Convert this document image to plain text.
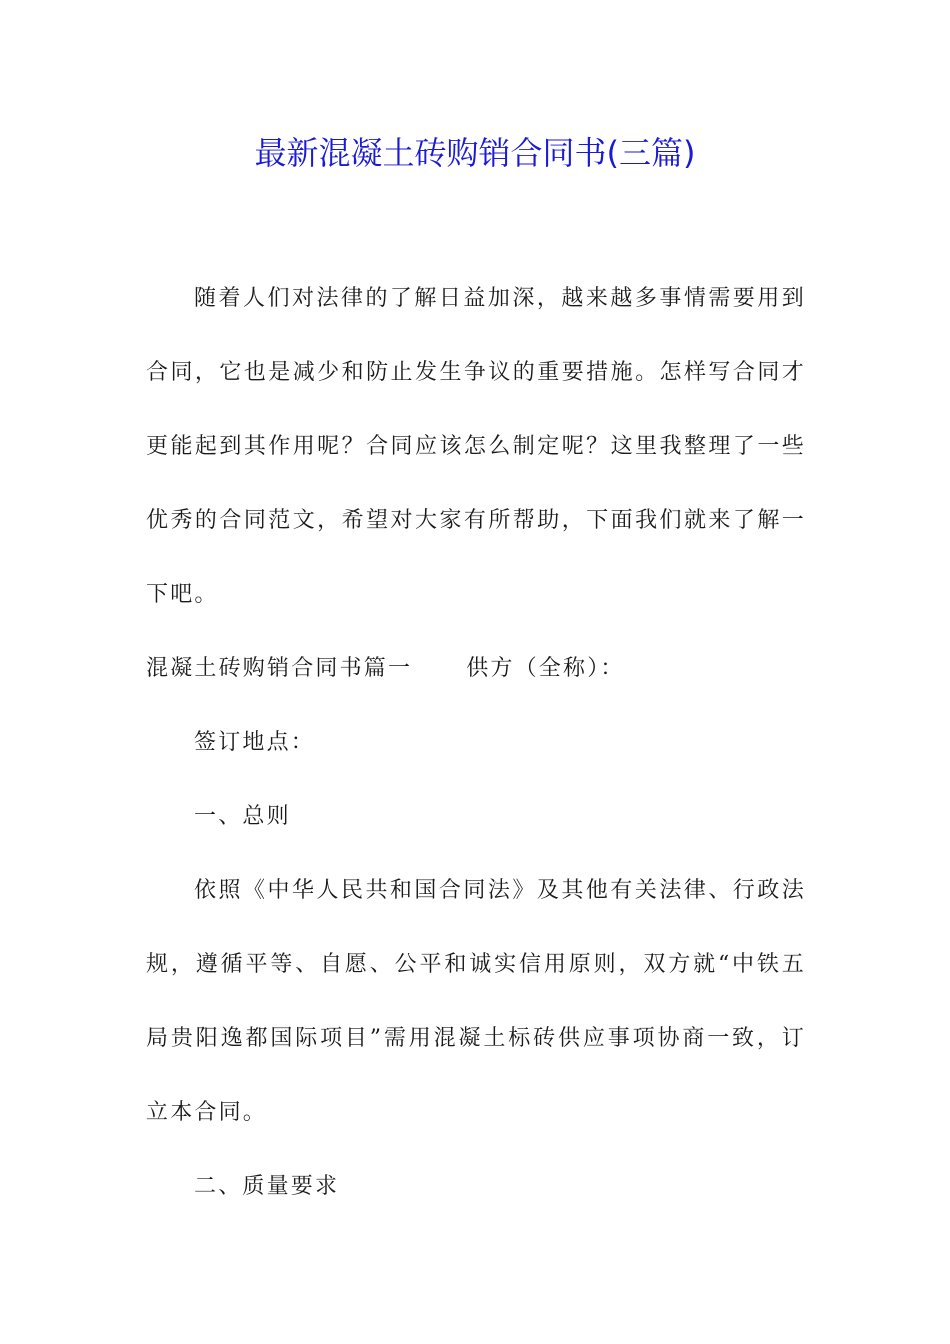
最新混凝土砖购销合同书(三篇)

随着人们对法律的了解日益加深，越来越多事情需要用到合同，它也是减少和防止发生争议的重要措施。怎样写合同才更能起到其作用呢？合同应该怎么制定呢？这里我整理了一些优秀的合同范文，希望对大家有所帮助，下面我们就来了解一下吧。

混凝土砖购销合同书篇一 供方（全称）：

签订地点：

一、总则

依照《中华人民共和国合同法》及其他有关法律、行政法规，遵循平等、自愿、公平和诚实信用原则，双方就“中铁五局贵阳逸都国际项目”需用混凝土标砖供应事项协商一致，订立本合同。

二、质量要求
